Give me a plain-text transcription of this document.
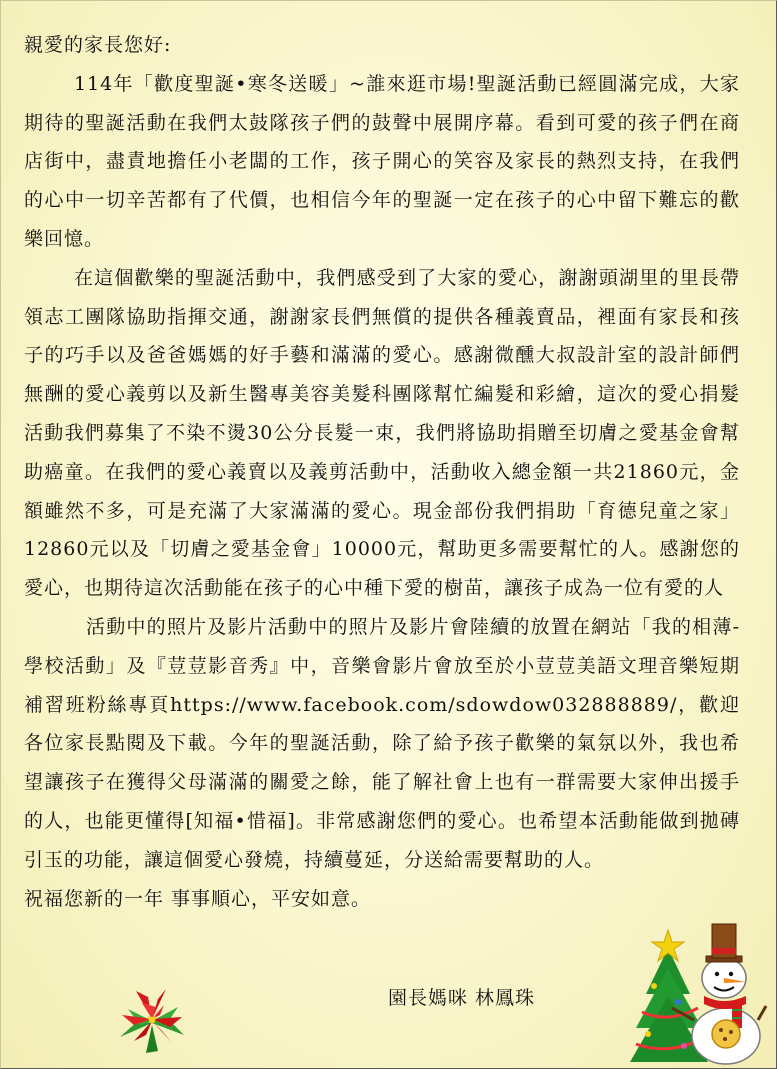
親愛的家長您好:

114年「歡度聖誕•寒冬送暖」~誰來逛市場!聖誕活動已經圓滿完成，大家期待的聖誕活動在我們太鼓隊孩子們的鼓聲中展開序幕。看到可愛的孩子們在商店街中，盡責地擔任小老闆的工作，孩子開心的笑容及家長的熱烈支持，在我們的心中一切辛苦都有了代價，也相信今年的聖誕一定在孩子的心中留下難忘的歡樂回憶。

在這個歡樂的聖誕活動中，我們感受到了大家的愛心，謝謝頭湖里的里長帶領志工團隊協助指揮交通，謝謝家長們無償的提供各種義賣品，裡面有家長和孩子的巧手以及爸爸媽媽的好手藝和滿滿的愛心。感謝微醺大叔設計室的設計師們無酬的愛心義剪以及新生醫專美容美髮科團隊幫忙編髮和彩繪，這次的愛心捐髮活動我們募集了不染不燙30公分長髮一束，我們將協助捐贈至切膚之愛基金會幫助癌童。在我們的愛心義賣以及義剪活動中，活動收入總金額一共21860元，金額雖然不多，可是充滿了大家滿滿的愛心。現金部份我們捐助「育德兒童之家」12860元以及「切膚之愛基金會」10000元，幫助更多需要幫忙的人。感謝您的愛心，也期待這次活動能在孩子的心中種下愛的樹苗，讓孩子成為一位有愛的人

活動中的照片及影片活動中的照片及影片會陸續的放置在網站「我的相薄-學校活動」及『荳荳影音秀』中，音樂會影片會放至於小荳荳美語文理音樂短期補習班粉絲專頁https://www.facebook.com/sdowdow032888889/，歡迎各位家長點閱及下載。今年的聖誕活動，除了給予孩子歡樂的氣氛以外，我也希望讓孩子在獲得父母滿滿的關愛之餘，能了解社會上也有一群需要大家伸出援手的人，也能更懂得[知福•惜福]。非常感謝您們的愛心。也希望本活動能做到拋磚引玉的功能，讓這個愛心發燒，持續蔓延，分送給需要幫助的人。

祝福您新的一年 事事順心，平安如意。

園長媽咪 林鳳珠
